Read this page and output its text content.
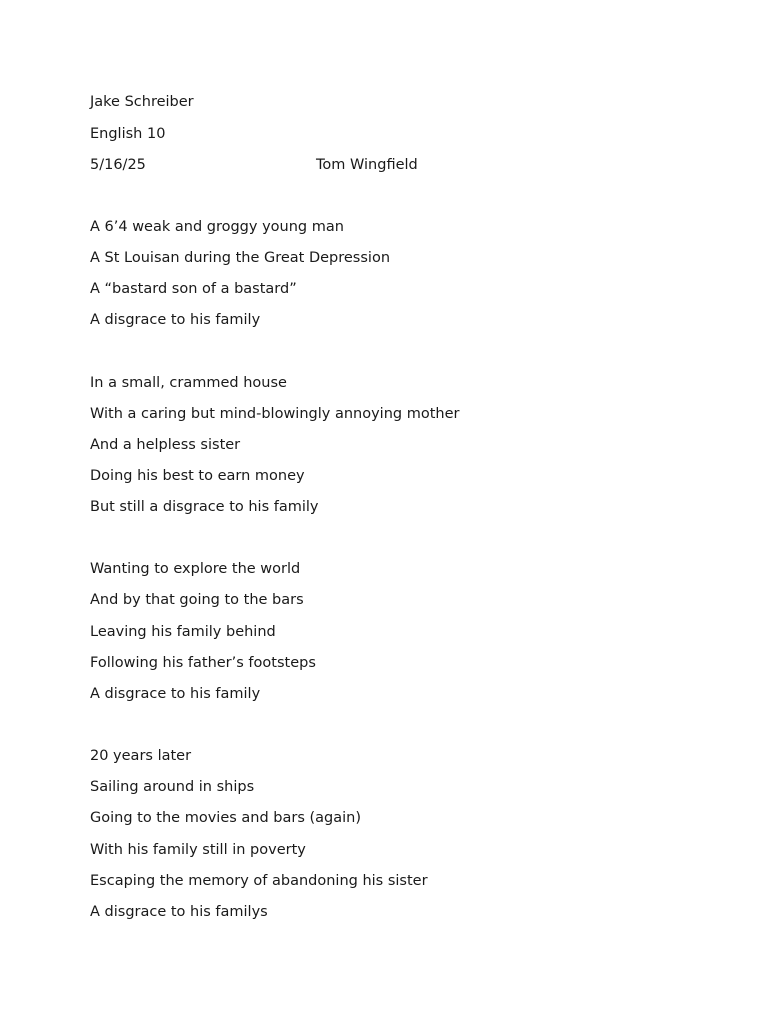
Jake Schreiber
English 10
5/16/25	Tom Wingfield
A 6’4 weak and groggy young man
A St Louisan during the Great Depression
A “bastard son of a bastard”
A disgrace to his family
In a small, crammed house
With a caring but mind-blowingly annoying mother
And a helpless sister
Doing his best to earn money
But still a disgrace to his family
Wanting to explore the world
And by that going to the bars
Leaving his family behind
Following his father’s footsteps
A disgrace to his family
20 years later
Sailing around in ships
Going to the movies and bars (again)
With his family still in poverty
Escaping the memory of abandoning his sister
A disgrace to his familys
